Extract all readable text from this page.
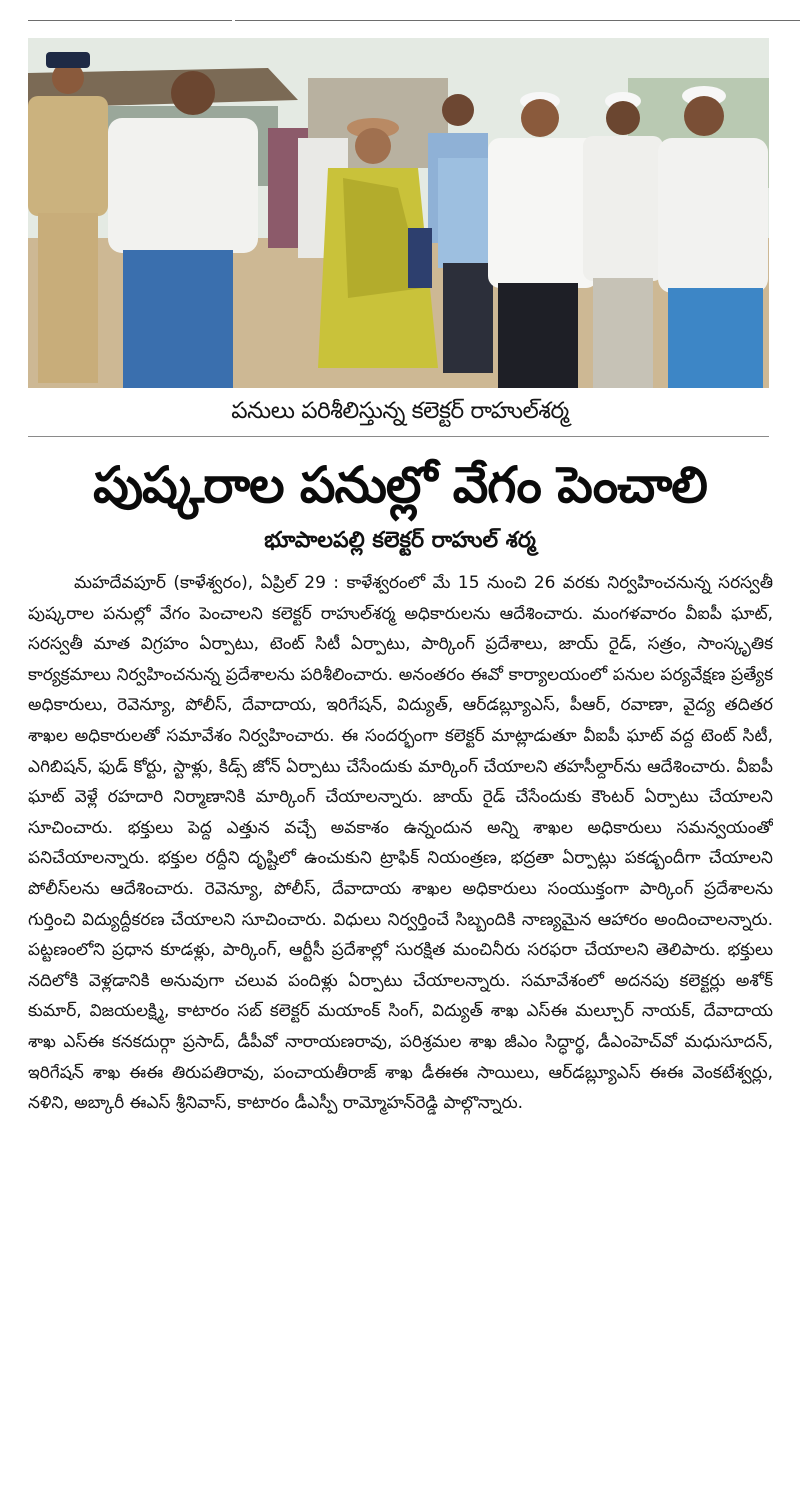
పనులు పరిశీలిస్తున్న కలెక్టర్‌ రాహుల్‌శర్మ
పుష్కరాల పనుల్లో వేగం పెంచాలి
భూపాలపల్లి కలెక్టర్‌ రాహుల్‌ శర్మ

మహదేవపూర్‌ (కాళేశ్వరం), ఏప్రిల్‌ 29 : కాళేశ్వరంలో మే 15 నుంచి 26 వరకు నిర్వహించనున్న సరస్వతీ పుష్కరాల పనుల్లో వేగం పెంచాలని కలెక్టర్‌ రాహుల్‌శర్మ అధికారులను ఆదేశించారు. మంగళవారం వీఐపీ ఘాట్‌, సరస్వతీ మాత విగ్రహం ఏర్పాటు, టెంట్‌ సిటీ ఏర్పాటు, పార్కింగ్‌ ప్రదేశాలు, జాయ్‌ రైడ్‌, సత్రం, సాంస్కృతిక కార్యక్రమాలు నిర్వహించనున్న ప్రదేశాలను పరిశీలించారు. అనంతరం ఈవో కార్యాలయంలో పనుల పర్యవేక్షణ ప్రత్యేక అధికారులు, రెవెన్యూ, పోలీస్‌, దేవాదాయ, ఇరిగేషన్‌, విద్యుత్‌, ఆర్‌డబ్ల్యూఎస్‌, పీఆర్‌, రవాణా, వైద్య తదితర శాఖల అధికారులతో సమావేశం నిర్వహించారు. ఈ సందర్భంగా కలెక్టర్‌ మాట్లాడుతూ వీఐపీ ఘాట్‌ వద్ద టెంట్‌ సిటీ, ఎగిబిషన్‌, ఫుడ్‌ కోర్టు, స్టాళ్లు, కిడ్స్‌ జోన్‌ ఏర్పాటు చేసేందుకు మార్కింగ్‌ చేయాలని తహసీల్దార్‌ను ఆదేశించారు. వీఐపీ ఘాట్‌ వెళ్లే రహదారి నిర్మాణానికి మార్కింగ్‌ చేయాలన్నారు. జాయ్‌ రైడ్‌ చేసేందుకు కౌంటర్‌ ఏర్పాటు చేయాలని సూచించారు. భక్తులు పెద్ద ఎత్తున వచ్చే అవకాశం ఉన్నందున అన్ని శాఖల అధికారులు సమన్వయంతో పనిచేయాలన్నారు. భక్తుల రద్దీని దృష్టిలో ఉంచుకుని ట్రాఫిక్‌ నియంత్రణ, భద్రతా ఏర్పాట్లు పకడ్బందీగా చేయాలని పోలీస్‌లను ఆదేశించారు. రెవెన్యూ, పోలీస్‌, దేవాదాయ శాఖల అధికారులు సంయుక్తంగా పార్కింగ్‌ ప్రదేశాలను గుర్తించి విద్యుద్దీకరణ చేయాలని సూచించారు. విధులు నిర్వర్తించే సిబ్బందికి నాణ్యమైన ఆహారం అందించాలన్నారు. పట్టణంలోని ప్రధాన కూడళ్లు, పార్కింగ్‌, ఆర్టీసీ ప్రదేశాల్లో సురక్షిత మంచినీరు సరఫరా చేయాలని తెలిపారు. భక్తులు నదిలోకి వెళ్లడానికి అనువుగా చలువ పందిళ్లు ఏర్పాటు చేయాలన్నారు. సమావేశంలో అదనపు కలెక్టర్లు అశోక్‌ కుమార్‌, విజయలక్ష్మి, కాటారం సబ్‌ కలెక్టర్‌ మయాంక్‌ సింగ్‌, విద్యుత్‌ శాఖ ఎస్‌ఈ మల్చూర్‌ నాయక్‌, దేవాదాయ శాఖ ఎస్‌ఈ కనకదుర్గా ప్రసాద్‌, డీపీవో నారాయణరావు, పరిశ్రమల శాఖ జీఎం సిద్ధార్థ, డీఎంహెచ్‌వో మధుసూదన్‌, ఇరిగేషన్‌ శాఖ ఈఈ తిరుపతిరావు, పంచాయతీరాజ్‌ శాఖ డీఈఈ సాయిలు, ఆర్‌డబ్ల్యూఎస్‌ ఈఈ వెంకటేశ్వర్లు, నళిని, అబ్కారీ ఈఎస్‌ శ్రీనివాస్‌, కాటారం డీఎస్పీ రామ్మోహన్‌రెడ్డి పాల్గొన్నారు.
